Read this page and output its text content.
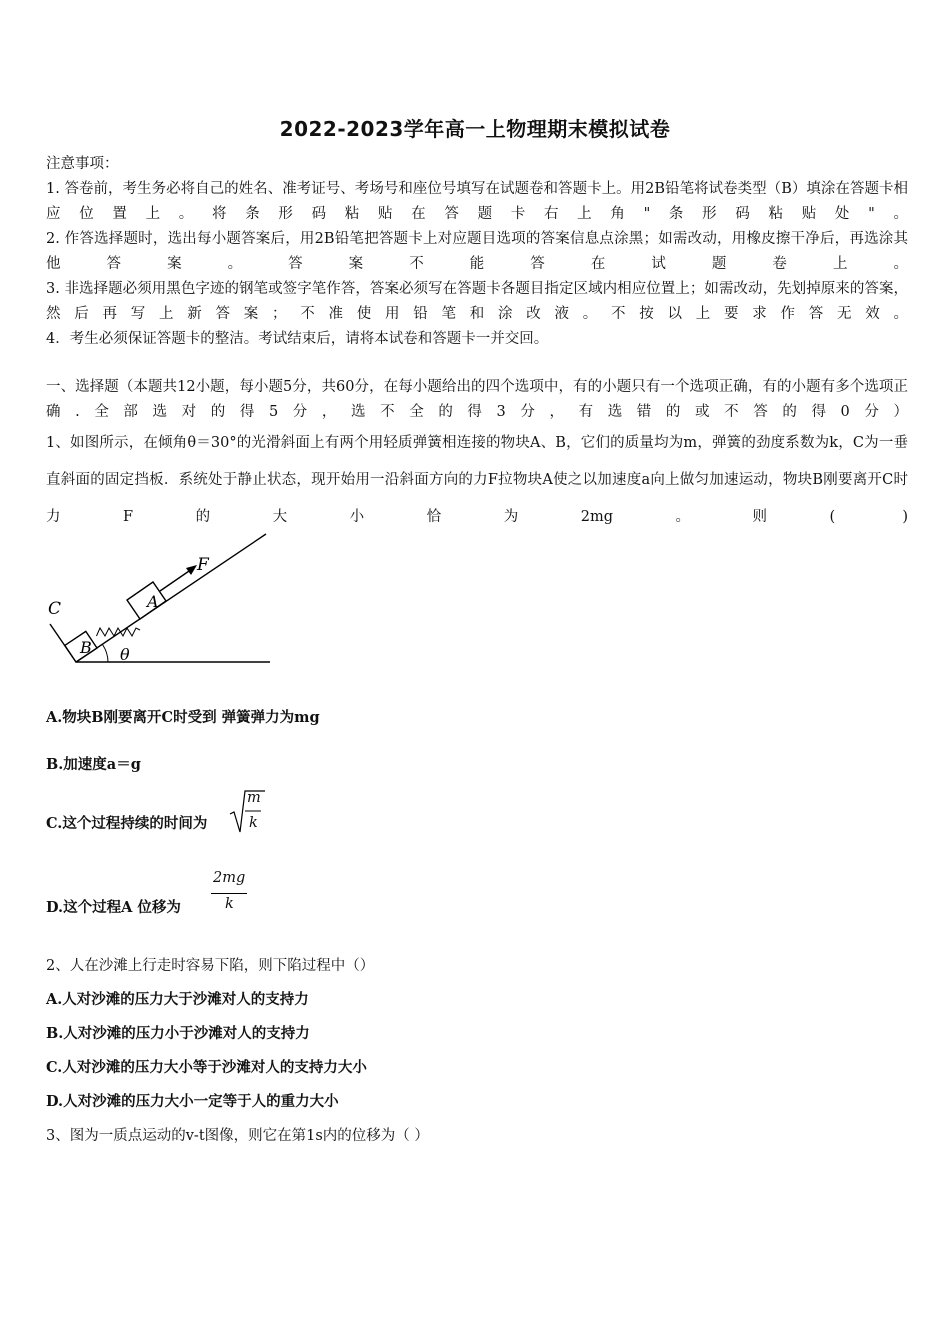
2022-2023学年高一上物理期末模拟试卷
注意事项：
1. 答卷前，考生务必将自己的姓名、准考证号、考场号和座位号填写在试题卷和答题卡上。用2B铅笔将试卷类型（B）填涂在答题卡相应位置上。将条形码粘贴在答题卡右上角"条形码粘贴处"。
2. 作答选择题时，选出每小题答案后，用2B铅笔把答题卡上对应题目选项的答案信息点涂黑；如需改动，用橡皮擦干净后，再选涂其他答案。答案不能答在试题卷上。
3. 非选择题必须用黑色字迹的钢笔或签字笔作答，答案必须写在答题卡各题目指定区域内相应位置上；如需改动，先划掉原来的答案，然后再写上新答案；不准使用铅笔和涂改液。不按以上要求作答无效。
4．考生必须保证答题卡的整洁。考试结束后，请将本试卷和答题卡一并交回。
一、选择题（本题共12小题，每小题5分，共60分，在每小题给出的四个选项中，有的小题只有一个选项正确，有的小题有多个选项正确.全部选对的得5分，选不全的得3分，有选错的或不答的得0分）
1、如图所示，在倾角θ＝30°的光滑斜面上有两个用轻质弹簧相连接的物块A、B，它们的质量均为m，弹簧的劲度系数为k，C为一垂直斜面的固定挡板．系统处于静止状态，现开始用一沿斜面方向的力F拉物块A使之以加速度a向上做匀加速运动，物块B刚要离开C时力F的大小恰为2mg。则( )
C
B
A
F
θ
A.物块B刚要离开C时受到 弹簧弹力为mg
B.加速度a＝g
C.这个过程持续的时间为
m
k
D.这个过程A 位移为
2mg
k
2、人在沙滩上行走时容易下陷，则下陷过程中（）
A.人对沙滩的压力大于沙滩对人的支持力
B.人对沙滩的压力小于沙滩对人的支持力
C.人对沙滩的压力大小等于沙滩对人的支持力大小
D.人对沙滩的压力大小一定等于人的重力大小
3、图为一质点运动的v-t图像，则它在第1s内的位移为（ ）
